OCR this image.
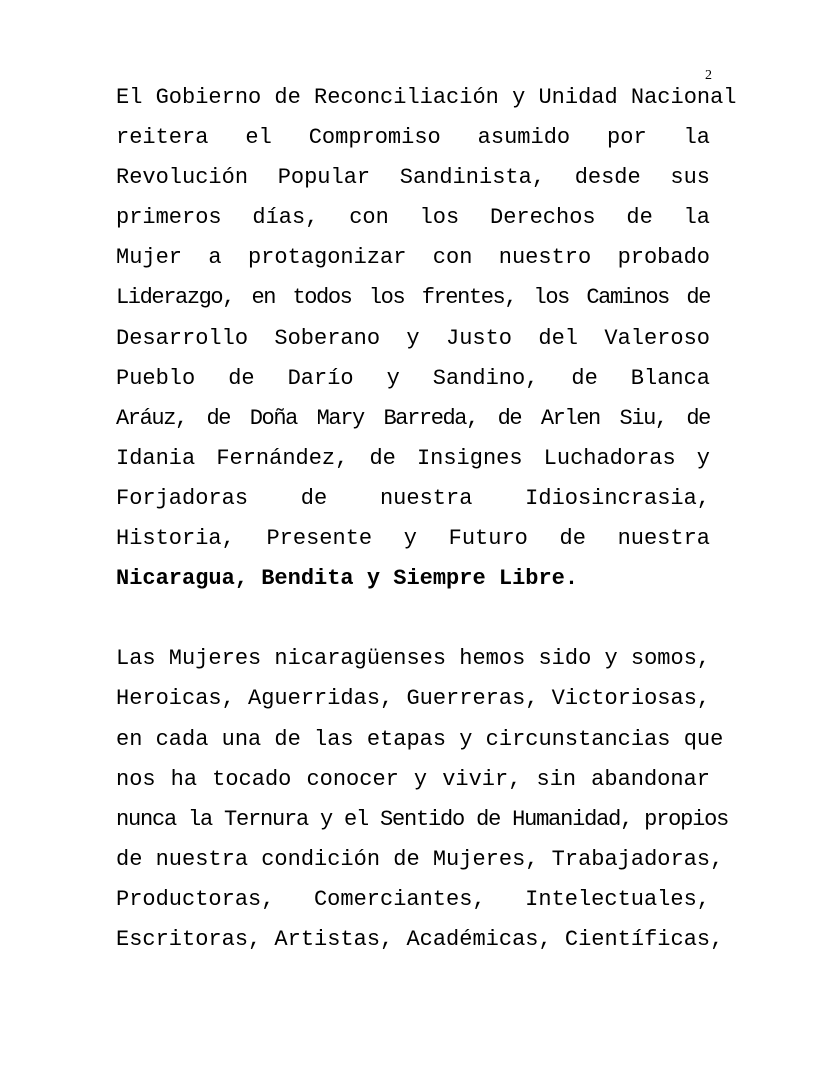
2
El Gobierno de Reconciliación y Unidad Nacional
reitera el Compromiso asumido por la
Revolución Popular Sandinista, desde sus
primeros días, con los Derechos de la
Mujer a protagonizar con nuestro probado
Liderazgo, en todos los frentes, los Caminos de
Desarrollo Soberano y Justo del Valeroso
Pueblo de Darío y Sandino, de Blanca
Aráuz, de Doña Mary Barreda, de Arlen Siu, de
Idania Fernández, de Insignes Luchadoras y
Forjadoras de nuestra Idiosincrasia,
Historia, Presente y Futuro de nuestra
Nicaragua, Bendita y Siempre Libre.
Las Mujeres nicaragüenses hemos sido y somos,
Heroicas, Aguerridas, Guerreras, Victoriosas,
en cada una de las etapas y circunstancias que
nos ha tocado conocer y vivir, sin abandonar
nunca la Ternura y el Sentido de Humanidad, propios
de nuestra condición de Mujeres, Trabajadoras,
Productoras, Comerciantes, Intelectuales,
Escritoras, Artistas, Académicas, Científicas,
